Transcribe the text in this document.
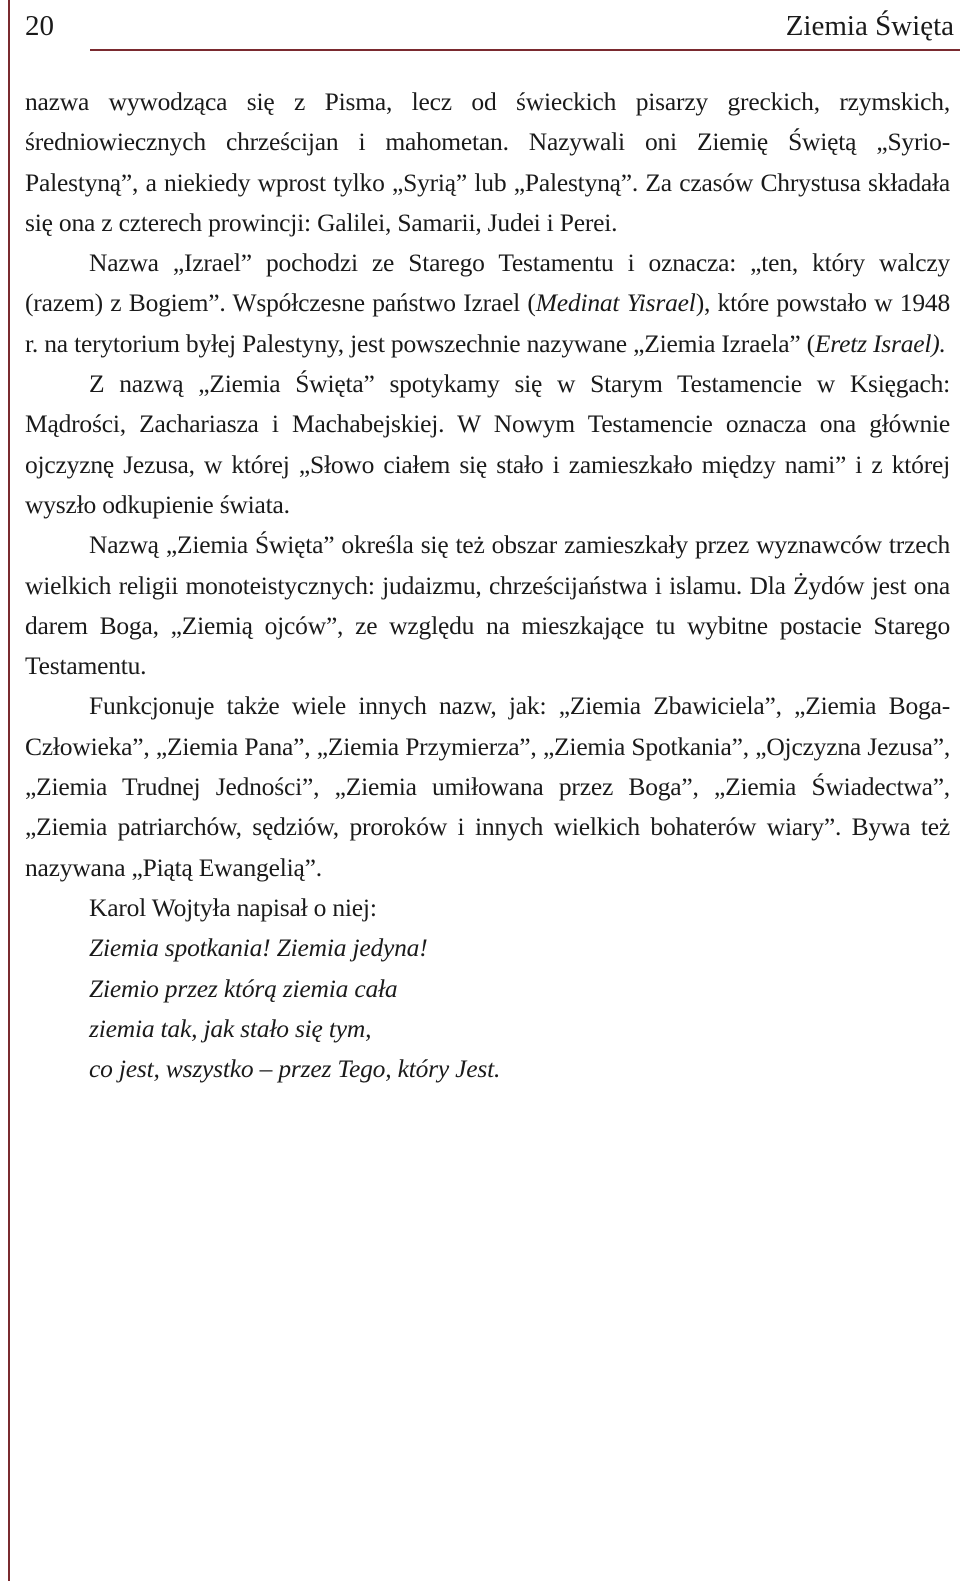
20	Ziemia Święta

nazwa wywodząca się z Pisma, lecz od świeckich pisarzy greckich, rzymskich, średniowiecznych chrześcijan i mahometan. Nazywali oni Ziemię Świętą „Syrio-Palestyną”, a niekiedy wprost tylko „Syrią” lub „Palestyną”. Za czasów Chrystusa składała się ona z czterech prowincji: Galilei, Samarii, Judei i Perei.

Nazwa „Izrael” pochodzi ze Starego Testamentu i oznacza: „ten, który walczy (razem) z Bogiem”. Współczesne państwo Izrael (Medinat Yisrael), które powstało w 1948 r. na terytorium byłej Palestyny, jest powszechnie nazywane „Ziemia Izraela” (Eretz Israel).

Z nazwą „Ziemia Święta” spotykamy się w Starym Testamencie w Księgach: Mądrości, Zachariasza i Machabejskiej. W Nowym Testamencie oznacza ona głównie ojczyznę Jezusa, w której „Słowo ciałem się stało i zamieszkało między nami” i z której wyszło odkupienie świata.

Nazwą „Ziemia Święta” określa się też obszar zamieszkały przez wyznawców trzech wielkich religii monoteistycznych: judaizmu, chrześcijaństwa i islamu. Dla Żydów jest ona darem Boga, „Ziemią ojców”, ze względu na mieszkające tu wybitne postacie Starego Testamentu.

Funkcjonuje także wiele innych nazw, jak: „Ziemia Zbawiciela”, „Ziemia Boga-Człowieka”, „Ziemia Pana”, „Ziemia Przymierza”, „Ziemia Spotkania”, „Ojczyzna Jezusa”, „Ziemia Trudnej Jedności”, „Ziemia umiłowana przez Boga”, „Ziemia Świadectwa”, „Ziemia patriarchów, sędziów, proroków i innych wielkich bohaterów wiary”. Bywa też nazywana „Piątą Ewangelią”.

Karol Wojtyła napisał o niej:

Ziemia spotkania! Ziemia jedyna!
Ziemio przez którą ziemia cała
ziemia tak, jak stało się tym,
co jest, wszystko – przez Tego, który Jest.
